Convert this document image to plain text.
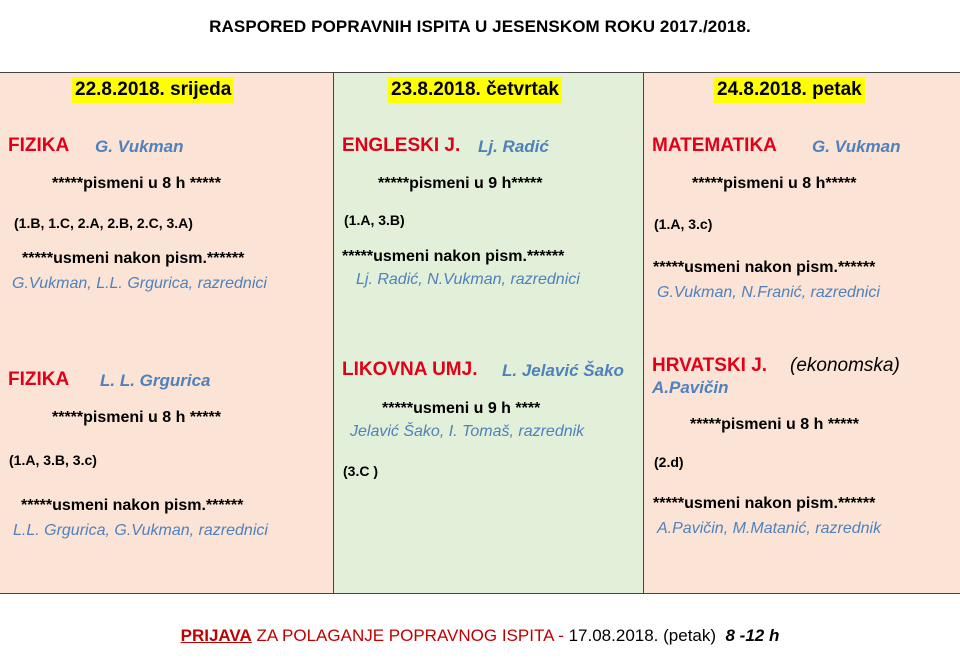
RASPORED POPRAVNIH ISPITA U JESENSKOM ROKU 2017./2018.
22.8.2018. srijeda
FIZIKA G. Vukman
*****pismeni u 8 h *****
(1.B, 1.C, 2.A, 2.B, 2.C, 3.A)
*****usmeni nakon pism.******
G.Vukman, L.L. Grgurica, razrednici
FIZIKA L. L. Grgurica
*****pismeni u 8 h *****
(1.A, 3.B, 3.c)
*****usmeni nakon pism.******
L.L. Grgurica, G.Vukman, razrednici
23.8.2018. četvrtak
ENGLESKI J. Lj. Radić
*****pismeni u 9 h*****
(1.A, 3.B)
*****usmeni nakon pism.******
Lj. Radić, N.Vukman, razrednici
LIKOVNA UMJ. L. Jelavić Šako
*****usmeni u 9 h ****
Jelavić Šako, I. Tomaš, razrednik
(3.C )
24.8.2018. petak
MATEMATIKA G. Vukman
*****pismeni u 8 h*****
(1.A, 3.c)
*****usmeni nakon pism.******
G.Vukman, N.Franić, razrednici
HRVATSKI J. (ekonomska)
A.Pavičin
*****pismeni u 8 h *****
(2.d)
*****usmeni nakon pism.******
A.Pavičin, M.Matanić, razrednik
PRIJAVA ZA POLAGANJE POPRAVNOG ISPITA - 17.08.2018. (petak) 8 -12 h
